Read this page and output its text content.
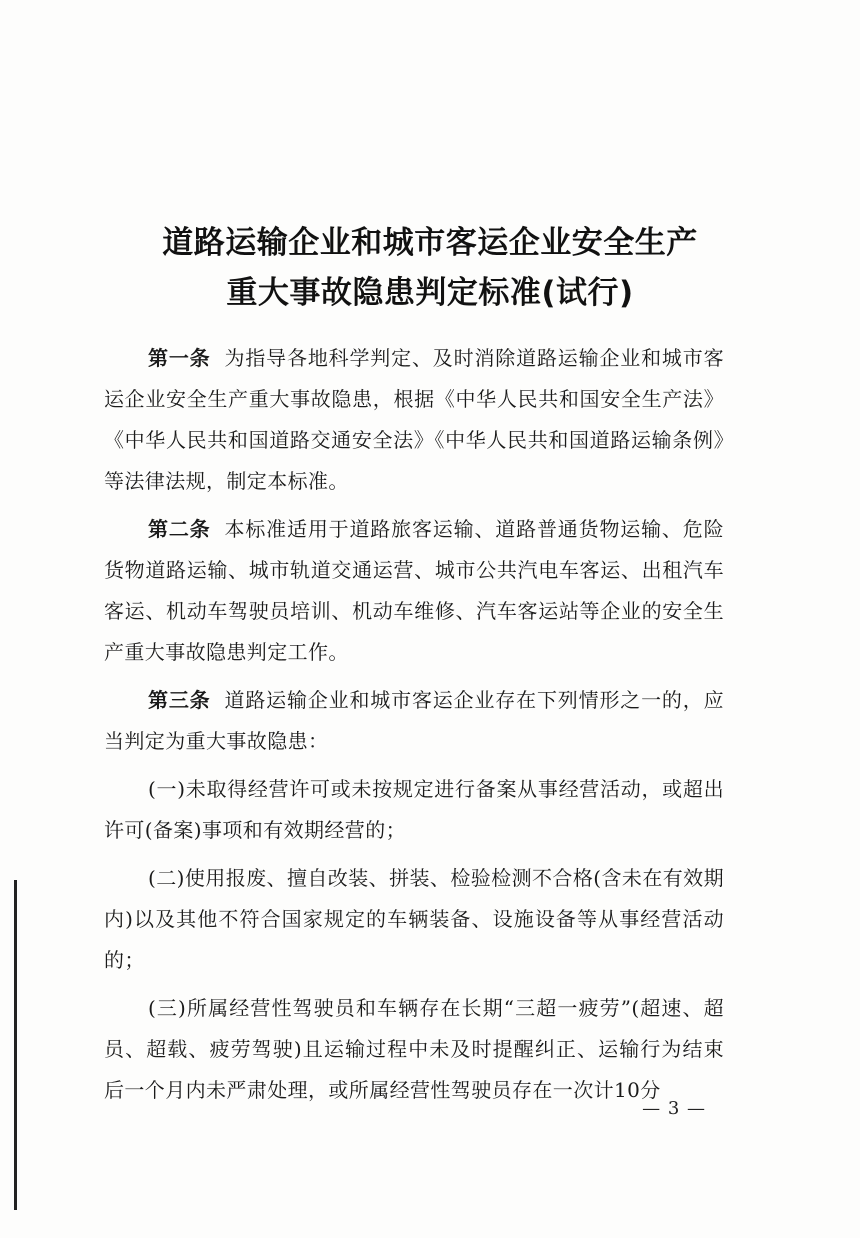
道路运输企业和城市客运企业安全生产
重大事故隐患判定标准(试行)

第一条 为指导各地科学判定、及时消除道路运输企业和城市客运企业安全生产重大事故隐患，根据《中华人民共和国安全生产法》《中华人民共和国道路交通安全法》《中华人民共和国道路运输条例》等法律法规，制定本标准。

第二条 本标准适用于道路旅客运输、道路普通货物运输、危险货物道路运输、城市轨道交通运营、城市公共汽电车客运、出租汽车客运、机动车驾驶员培训、机动车维修、汽车客运站等企业的安全生产重大事故隐患判定工作。

第三条 道路运输企业和城市客运企业存在下列情形之一的，应当判定为重大事故隐患：

(一)未取得经营许可或未按规定进行备案从事经营活动，或超出许可(备案)事项和有效期经营的；

(二)使用报废、擅自改装、拼装、检验检测不合格(含未在有效期内)以及其他不符合国家规定的车辆装备、设施设备等从事经营活动的；

(三)所属经营性驾驶员和车辆存在长期“三超一疲劳”(超速、超员、超载、疲劳驾驶)且运输过程中未及时提醒纠正、运输行为结束后一个月内未严肃处理，或所属经营性驾驶员存在一次计10分

— 3 —
